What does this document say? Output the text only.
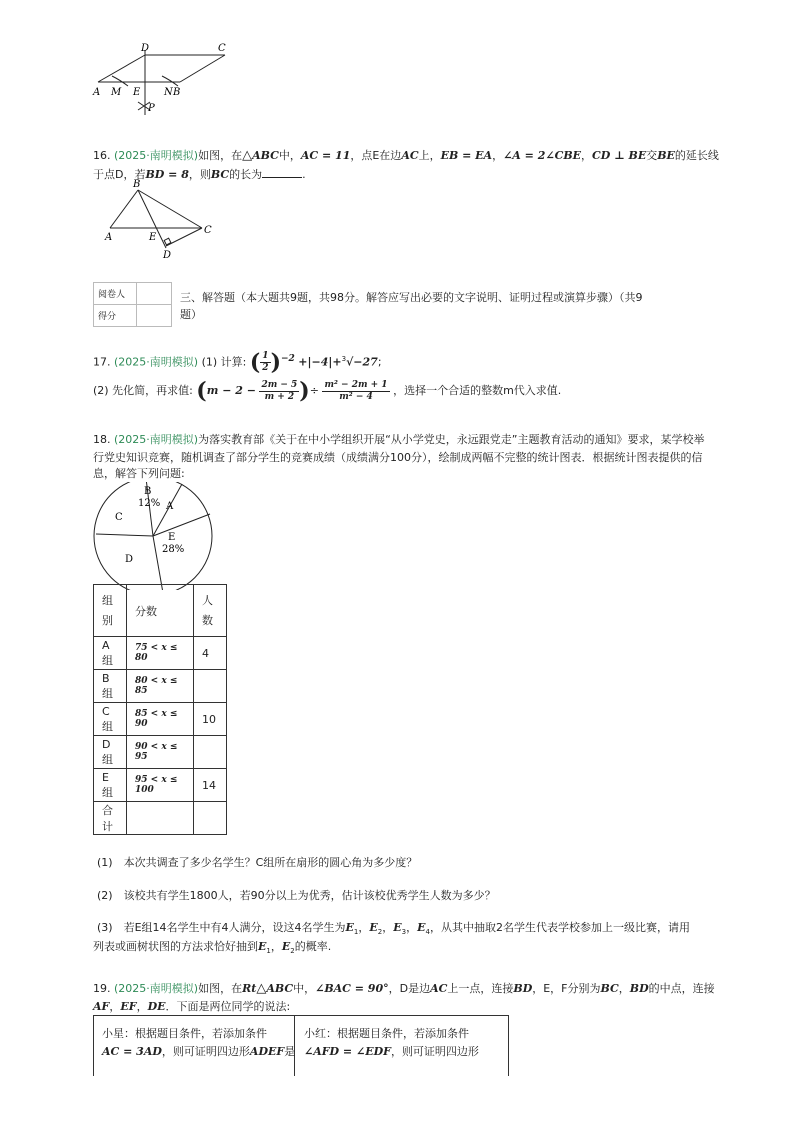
D	C
A M E N B
P
16. (2025·南明模拟)如图，在△ABC中，AC = 11，点E在边AC上，EB = EA，∠A = 2∠CBE，CD ⊥ BE交BE的延长线
于点D，若BD = 8，则BC的长为	.
B
A	E
C
D
阅卷人	
得分	
三、解答题（本大题共9题，共98分。解答应写出必要的文字说明、证明过程或演算步骤）（共9
题）
17. (2025·南明模拟) (1) 计算: ( $\frac{1}{2} )^{-2} +|-4|+^3√-27$;
(2) 先化简，再求值: ($m - 2 - \frac{2m - 5}{m + 2}$ )÷ $\frac{\text{m² − 2m + 1}}{\text{m² − 4}}$ ，选择一个合适的整数m代入求值.
18. (2025·南明模拟)为落实教育部《关于在中小学组织开展“从小学党史，永远跟党走”主题教育活动的通知》要求，某学校举
行党史知识竞赛，随机调查了部分学生的竞赛成绩（成绩满分100分），绘制成两幅不完整的统计图表．根据统计图表提供的信
息，解答下列问题:
B
12% A
C
E
28%
D
组
别	分数	人
数
A组	75 < x ≤ 80	4
B组	80 < x ≤ 85	
C组	85 < x ≤ 90	10
D组	90 < x ≤ 95	
E组	95 < x ≤ 100	14
合计		
(1)　本次共调查了多少名学生？C组所在扇形的圆心角为多少度？
(2)　该校共有学生1800人，若90分以上为优秀，估计该校优秀学生人数为多少？
(3)　若E组14名学生中有4人满分，设这4名学生为$E_1$，$E_2$，$E_3$，$E_4$，从其中抽取2名学生代表学校参加上一级比赛，请用
列表或画树状图的方法求恰好抽到$E_1$，$E_2$的概率.
19. (2025·南明模拟)如图，在Rt△ABC中，∠BAC = 90°，D是边AC上一点，连接BD，E，F分别为BC，BD的中点，连接
AF，EF，DE．下面是两位同学的说法:
小星：根据题目条件，若添加条件
AC = 3AD，则可证明四边形ADEF是
小红：根据题目条件，若添加条件
∠AFD = ∠EDF，则可证明四边形
